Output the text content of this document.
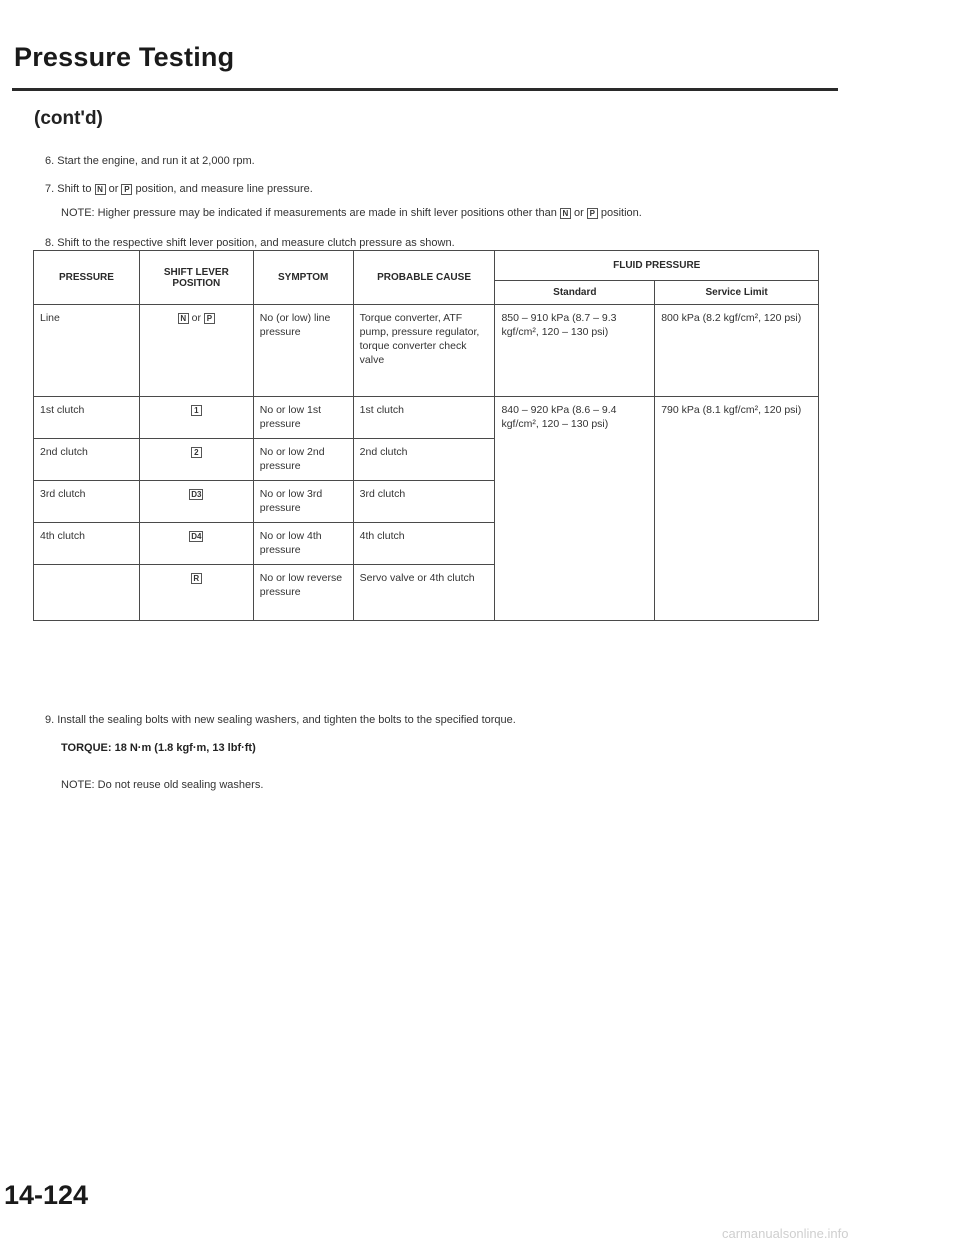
Pressure Testing
(cont'd)
6. Start the engine, and run it at 2,000 rpm.
7. Shift to N or P position, and measure line pressure.
NOTE: Higher pressure may be indicated if measurements are made in shift lever positions other than N or P position.
8. Shift to the respective shift lever position, and measure clutch pressure as shown.
PRESSURE	SHIFT LEVER POSITION	SYMPTOM	PROBABLE CAUSE	FLUID PRESSURE	
				Standard	Service Limit
Line	N or P	No (or low) line pressure	Torque converter, ATF pump, pressure regulator, torque converter check valve	850 – 910 kPa (8.7 – 9.3 kgf/cm², 120 – 130 psi)	800 kPa (8.2 kgf/cm², 120 psi)
1st clutch	1	No or low 1st pressure	1st clutch	840 – 920 kPa (8.6 – 9.4 kgf/cm², 120 – 130 psi)	790 kPa (8.1 kgf/cm², 120 psi)
2nd clutch	2	No or low 2nd pressure	2nd clutch		
3rd clutch	D3	No or low 3rd pressure	3rd clutch		
4th clutch	D4	No or low 4th pressure	4th clutch		
	R	No or low reverse pressure	Servo valve or 4th clutch		
9. Install the sealing bolts with new sealing washers, and tighten the bolts to the specified torque.
TORQUE: 18 N·m (1.8 kgf·m, 13 lbf·ft)
NOTE: Do not reuse old sealing washers.
14-124
carmanualsonline.info
